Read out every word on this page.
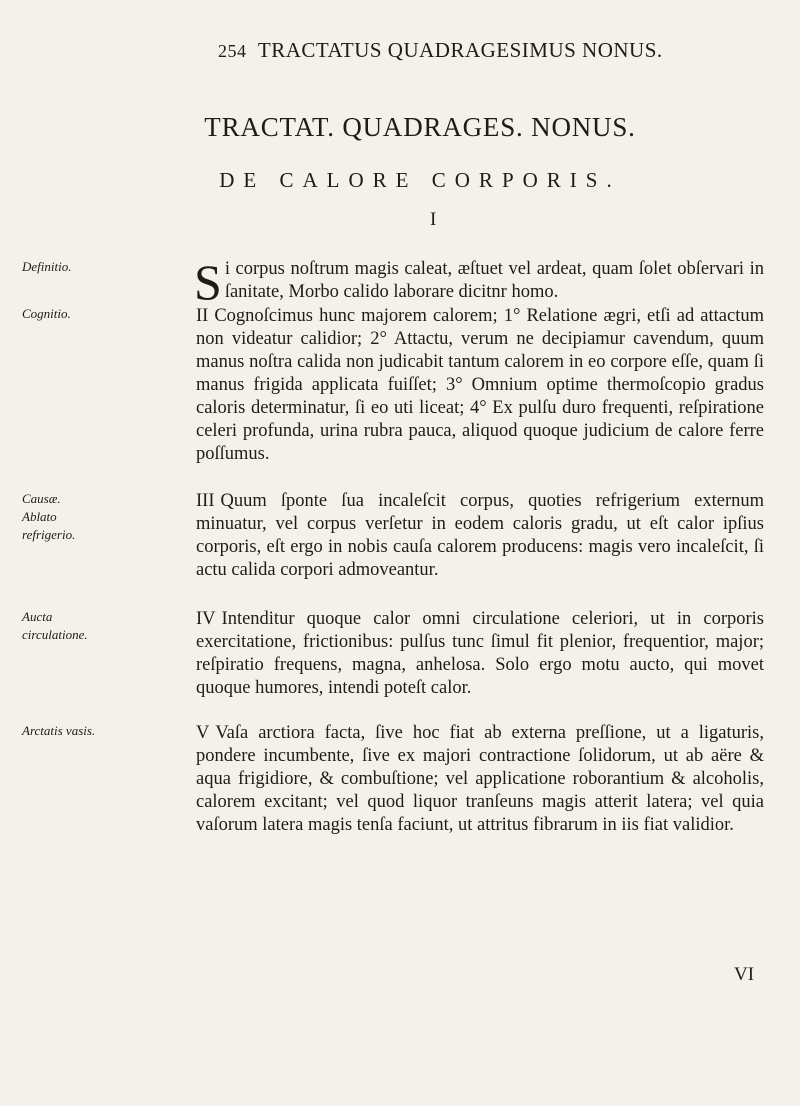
254 TRACTATUS QUADRAGESIMUS NONUS.
TRACTAT. QUADRAGES. NONUS.
DE CALORE CORPORIS.
I
Definitio.
Cognitio.
Causæ. Ablato refrigerio.
Aucta circulatione.
Arctatis vasis.
Si corpus noſtrum magis caleat, æſtuet vel ardeat, quam ſolet obſervari in ſanitate, Morbo calido laborare dicitnr homo.
II Cognoſcimus hunc majorem calorem; 1° Relatione ægri, etſi ad attactum non videatur calidior; 2° Attactu, verum ne decipiamur cavendum, quum manus noſtra calida non judicabit tantum calorem in eo corpore eſſe, quam ſi manus frigida applicata fuiſſet; 3° Omnium optime thermoſcopio gradus caloris determinatur, ſi eo uti liceat; 4° Ex pulſu duro frequenti, reſpiratione celeri profunda, urina rubra pauca, aliquod quoque judicium de calore ferre poſſumus.
III Quum ſponte ſua incaleſcit corpus, quoties refrigerium externum minuatur, vel corpus verſetur in eodem caloris gradu, ut eſt calor ipſius corporis, eſt ergo in nobis cauſa calorem producens: magis vero incaleſcit, ſi actu calida corpori admoveantur.
IV Intenditur quoque calor omni circulatione celeriori, ut in corporis exercitatione, frictionibus: pulſus tunc ſimul fit plenior, frequentior, major; reſpiratio frequens, magna, anhelosa. Solo ergo motu aucto, qui movet quoque humores, intendi poteſt calor.
V Vaſa arctiora facta, ſive hoc fiat ab externa preſſione, ut a ligaturis, pondere incumbente, ſive ex majori contractione ſolidorum, ut ab aëre & aqua frigidiore, & combuſtione; vel applicatione roborantium & alcoholis, calorem excitant; vel quod liquor tranſeuns magis atterit latera; vel quia vaſorum latera magis tenſa faciunt, ut attritus fibrarum in iis fiat validior.
VI
